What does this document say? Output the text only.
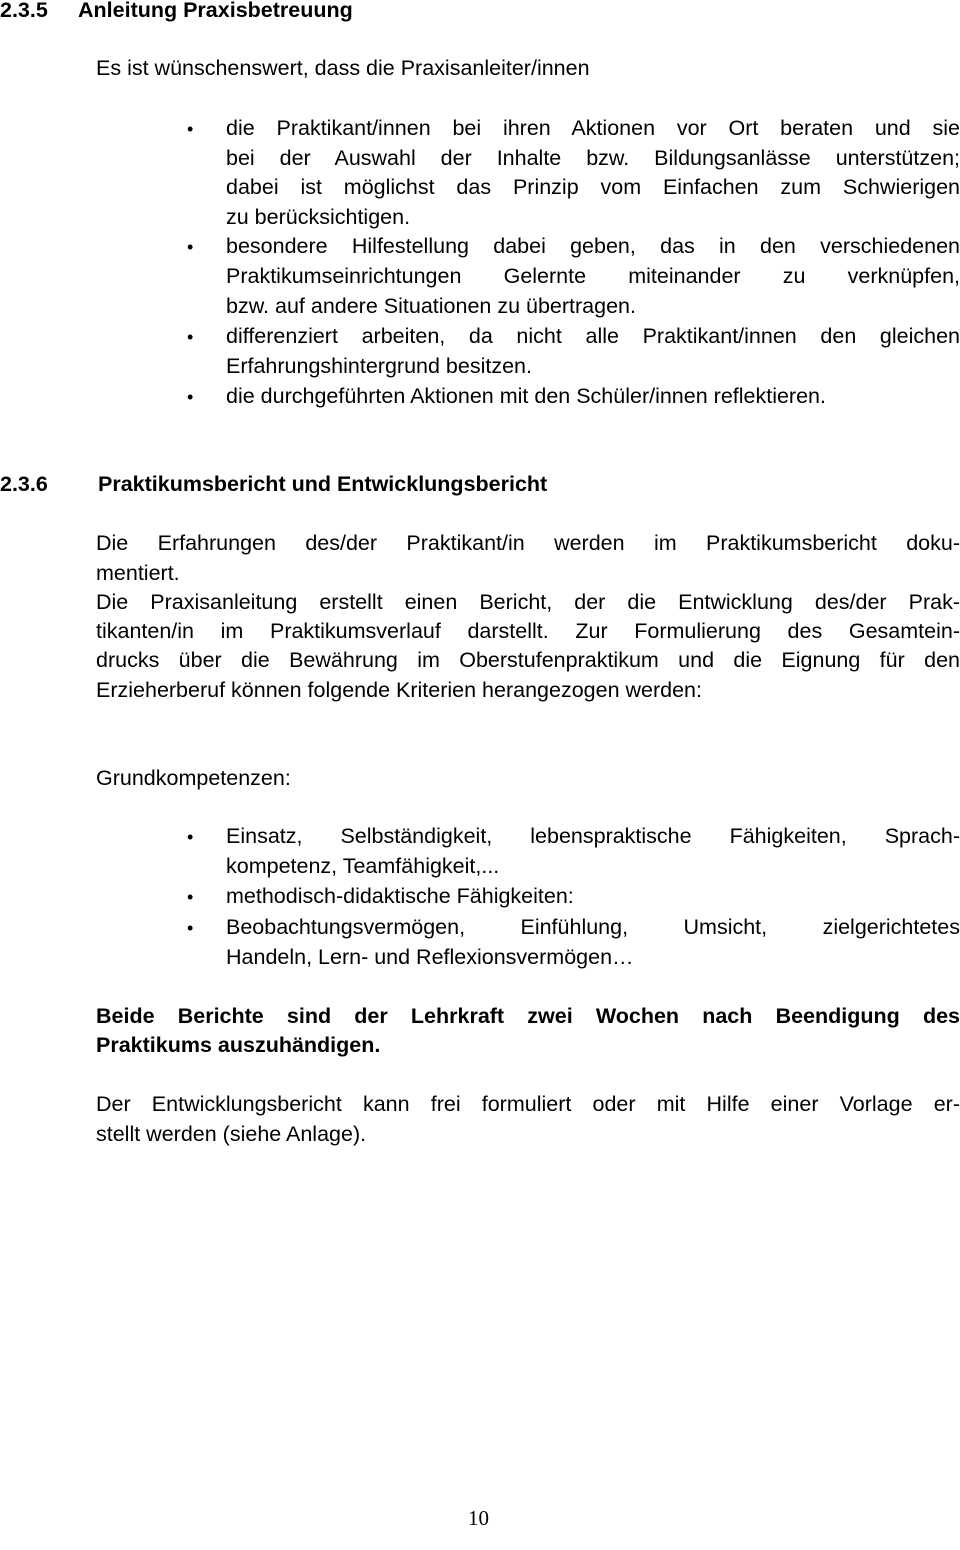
2.3.5 Anleitung Praxisbetreuung
Es ist wünschenswert, dass die Praxisanleiter/innen
• die Praktikant/innen bei ihren Aktionen vor Ort beraten und sie
bei der Auswahl der Inhalte bzw. Bildungsanlässe unterstützen;
dabei ist möglichst das Prinzip vom Einfachen zum Schwierigen
zu berücksichtigen.
• besondere Hilfestellung dabei geben, das in den verschiedenen
Praktikumseinrichtungen Gelernte miteinander zu verknüpfen,
bzw. auf andere Situationen zu übertragen.
• differenziert arbeiten, da nicht alle Praktikant/innen den gleichen
Erfahrungshintergrund besitzen.
• die durchgeführten Aktionen mit den Schüler/innen reflektieren.
2.3.6 Praktikumsbericht und Entwicklungsbericht
Die Erfahrungen des/der Praktikant/in werden im Praktikumsbericht doku-
mentiert.
Die Praxisanleitung erstellt einen Bericht, der die Entwicklung des/der Prak-
tikanten/in im Praktikumsverlauf darstellt. Zur Formulierung des Gesamtein-
drucks über die Bewährung im Oberstufenpraktikum und die Eignung für den
Erzieherberuf können folgende Kriterien herangezogen werden:
Grundkompetenzen:
• Einsatz, Selbständigkeit, lebenspraktische Fähigkeiten, Sprach-
kompetenz, Teamfähigkeit,...
• methodisch-didaktische Fähigkeiten:
• Beobachtungsvermögen, Einfühlung, Umsicht, zielgerichtetes
Handeln, Lern- und Reflexionsvermögen…
Beide Berichte sind der Lehrkraft zwei Wochen nach Beendigung des
Praktikums auszuhändigen.
Der Entwicklungsbericht kann frei formuliert oder mit Hilfe einer Vorlage er-
stellt werden (siehe Anlage).
10
